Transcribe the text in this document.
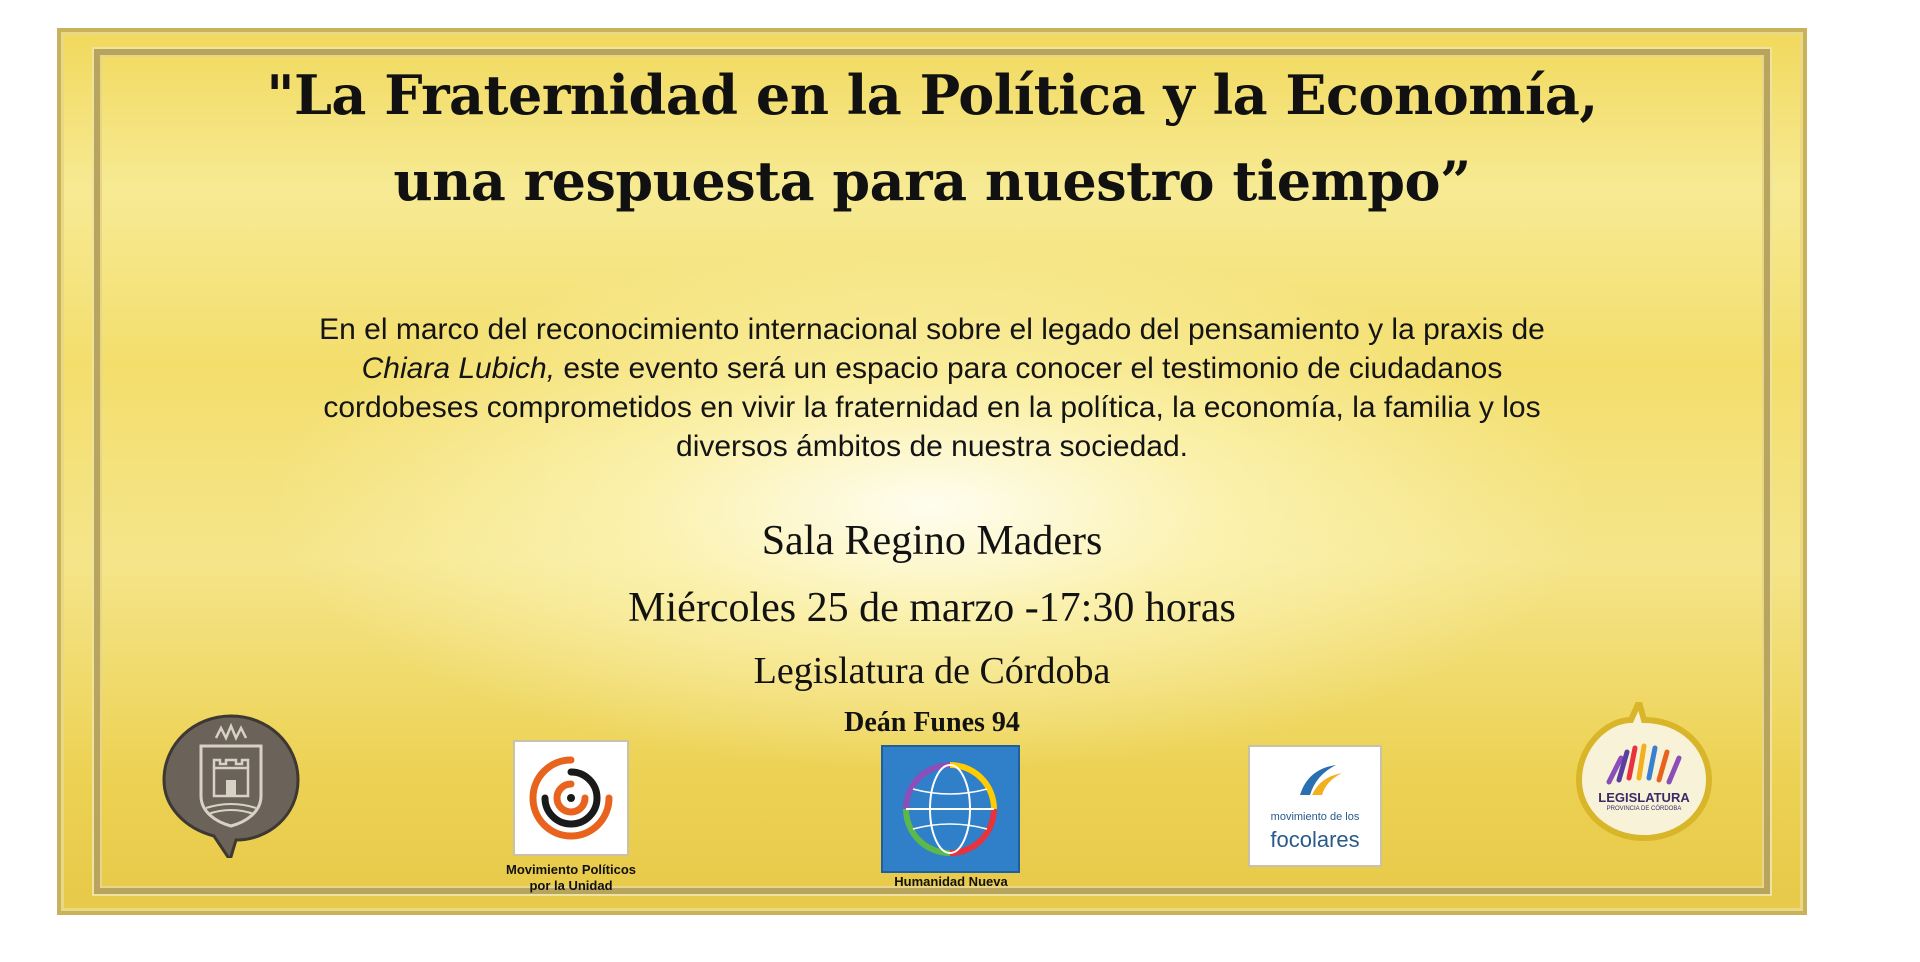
"La Fraternidad en la Política y la Economía,
una respuesta para nuestro tiempo”
En el marco del reconocimiento internacional sobre el legado del pensamiento y la praxis de
Chiara Lubich, este evento será un espacio para conocer el testimonio de ciudadanos
cordobeses comprometidos en vivir la fraternidad en la política, la economía, la familia y los
diversos ámbitos de nuestra sociedad.
Sala Regino Maders
Miércoles 25 de marzo -17:30 horas
Legislatura de Córdoba
Deán Funes 94
Movimiento Políticos
por la Unidad	Humanidad Nueva
movimiento de los
focolares
LEGISLATURA
PROVINCIA DE CÓRDOBA
